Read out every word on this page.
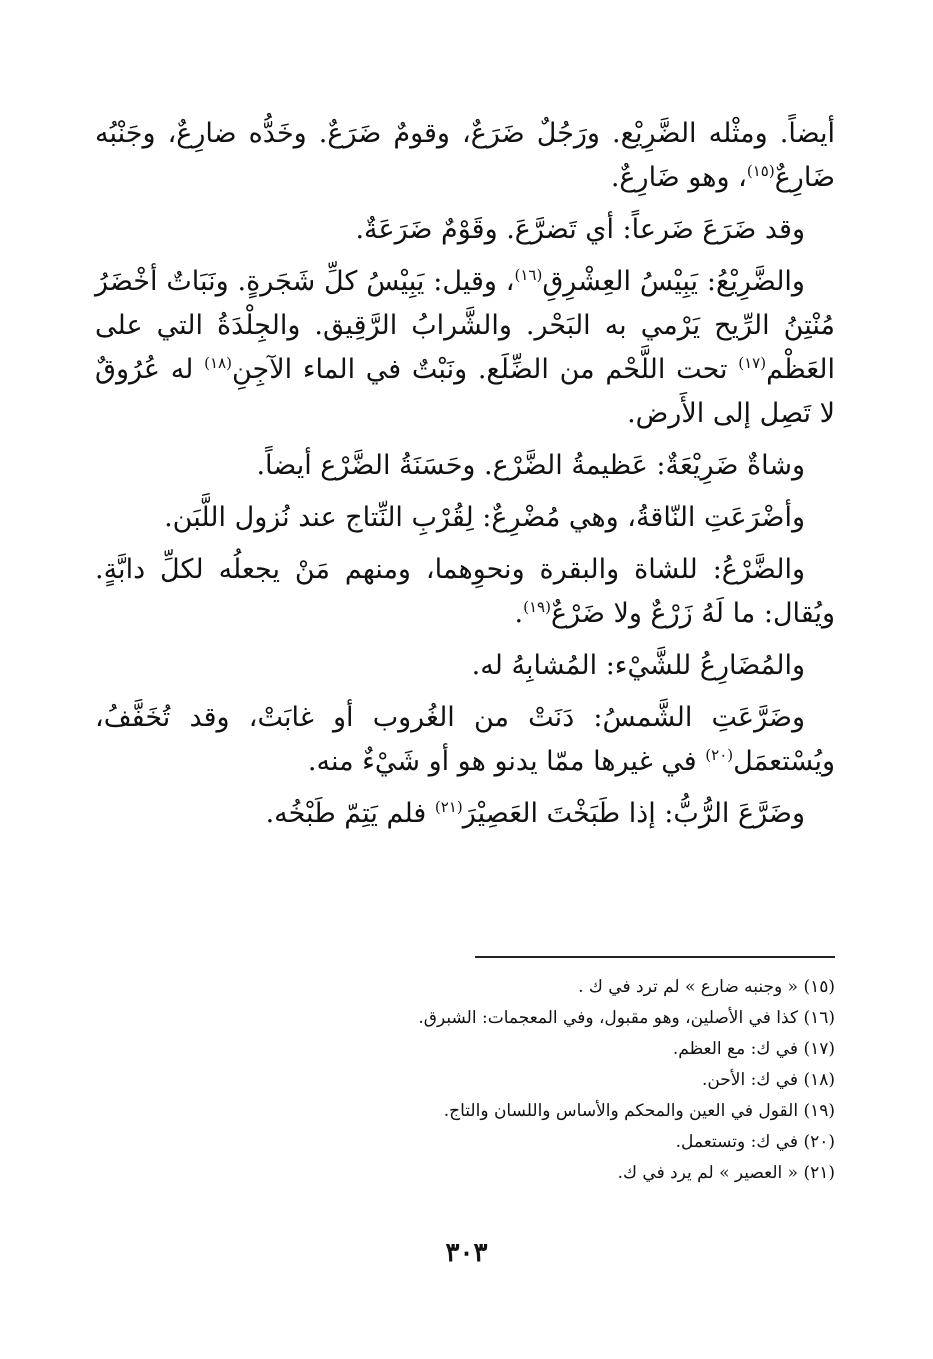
أيضاً. ومثْله الضَّرِيْع. ورَجُلٌ ضَرَعٌ، وقومٌ ضَرَعٌ. وخَدُّه ضارِعٌ، وجَنْبُه ضَارِعٌ$^{(١٥)}$، وهو ضَارِعٌ.

وقد ضَرَعَ ضَرعاً: أي تَضرَّعَ. وقَوْمٌ ضَرَعَةٌ.

والضَّرِيْعُ: يَبِيْسُ العِشْرِقِ$^{(١٦)}$، وقيل: يَبِيْسُ كلِّ شَجَرةٍ. ونَبَاتٌ أخْضَرُ مُنْتِنُ الرِّيح يَرْمي به البَحْر. والشَّرابُ الرَّقِيق. والجِلْدَةُ التي على العَظْم$^{(١٧)}$ تحت اللَّحْم من الضِّلَع. ونَبْتٌ في الماء الآجِنِ$^{(١٨)}$ له عُرُوقٌ لا تَصِل إلى الأَرض.

وشاةٌ ضَرِيْعَةٌ: عَظيمةُ الضَّرْع. وحَسَنَةُ الضَّرْع أيضاً.

وأضْرَعَتِ النّاقةُ، وهي مُضْرِعٌ: لِقُرْبِ النِّتاج عند نُزول اللَّبَن.

والضَّرْعُ: للشاة والبقرة ونحوِهما، ومنهم مَنْ يجعلُه لكلِّ دابَّةٍ. ويُقال: ما لَهُ زَرْعٌ ولا ضَرْعٌ$^{(١٩)}$.

والمُضَارِعُ للشَّيْء: المُشابِهُ له.

وضَرَّعَتِ الشَّمسُ: دَنَتْ من الغُروب أو غابَتْ، وقد تُخَفَّفُ، ويُسْتعمَل$^{(٢٠)}$ في غيرها ممّا يدنو هو أو شَيْءٌ منه.

وضَرَّعَ الرُّبُّ: إذا طَبَخْتَ العَصِيْرَ$^{(٢١)}$ فلم يَتِمّ طَبْخُه.

(١٥) « وجنبه ضارع » لم ترد في ك .

(١٦) كذا في الأصلين، وهو مقبول، وفي المعجمات: الشبرق.

(١٧) في ك: مع العظم.

(١٨) في ك: الأحن.

(١٩) القول في العين والمحكم والأساس واللسان والتاج.

(٢٠) في ك: وتستعمل.

(٢١) « العصير » لم يرد في ك.

٣٠٣
